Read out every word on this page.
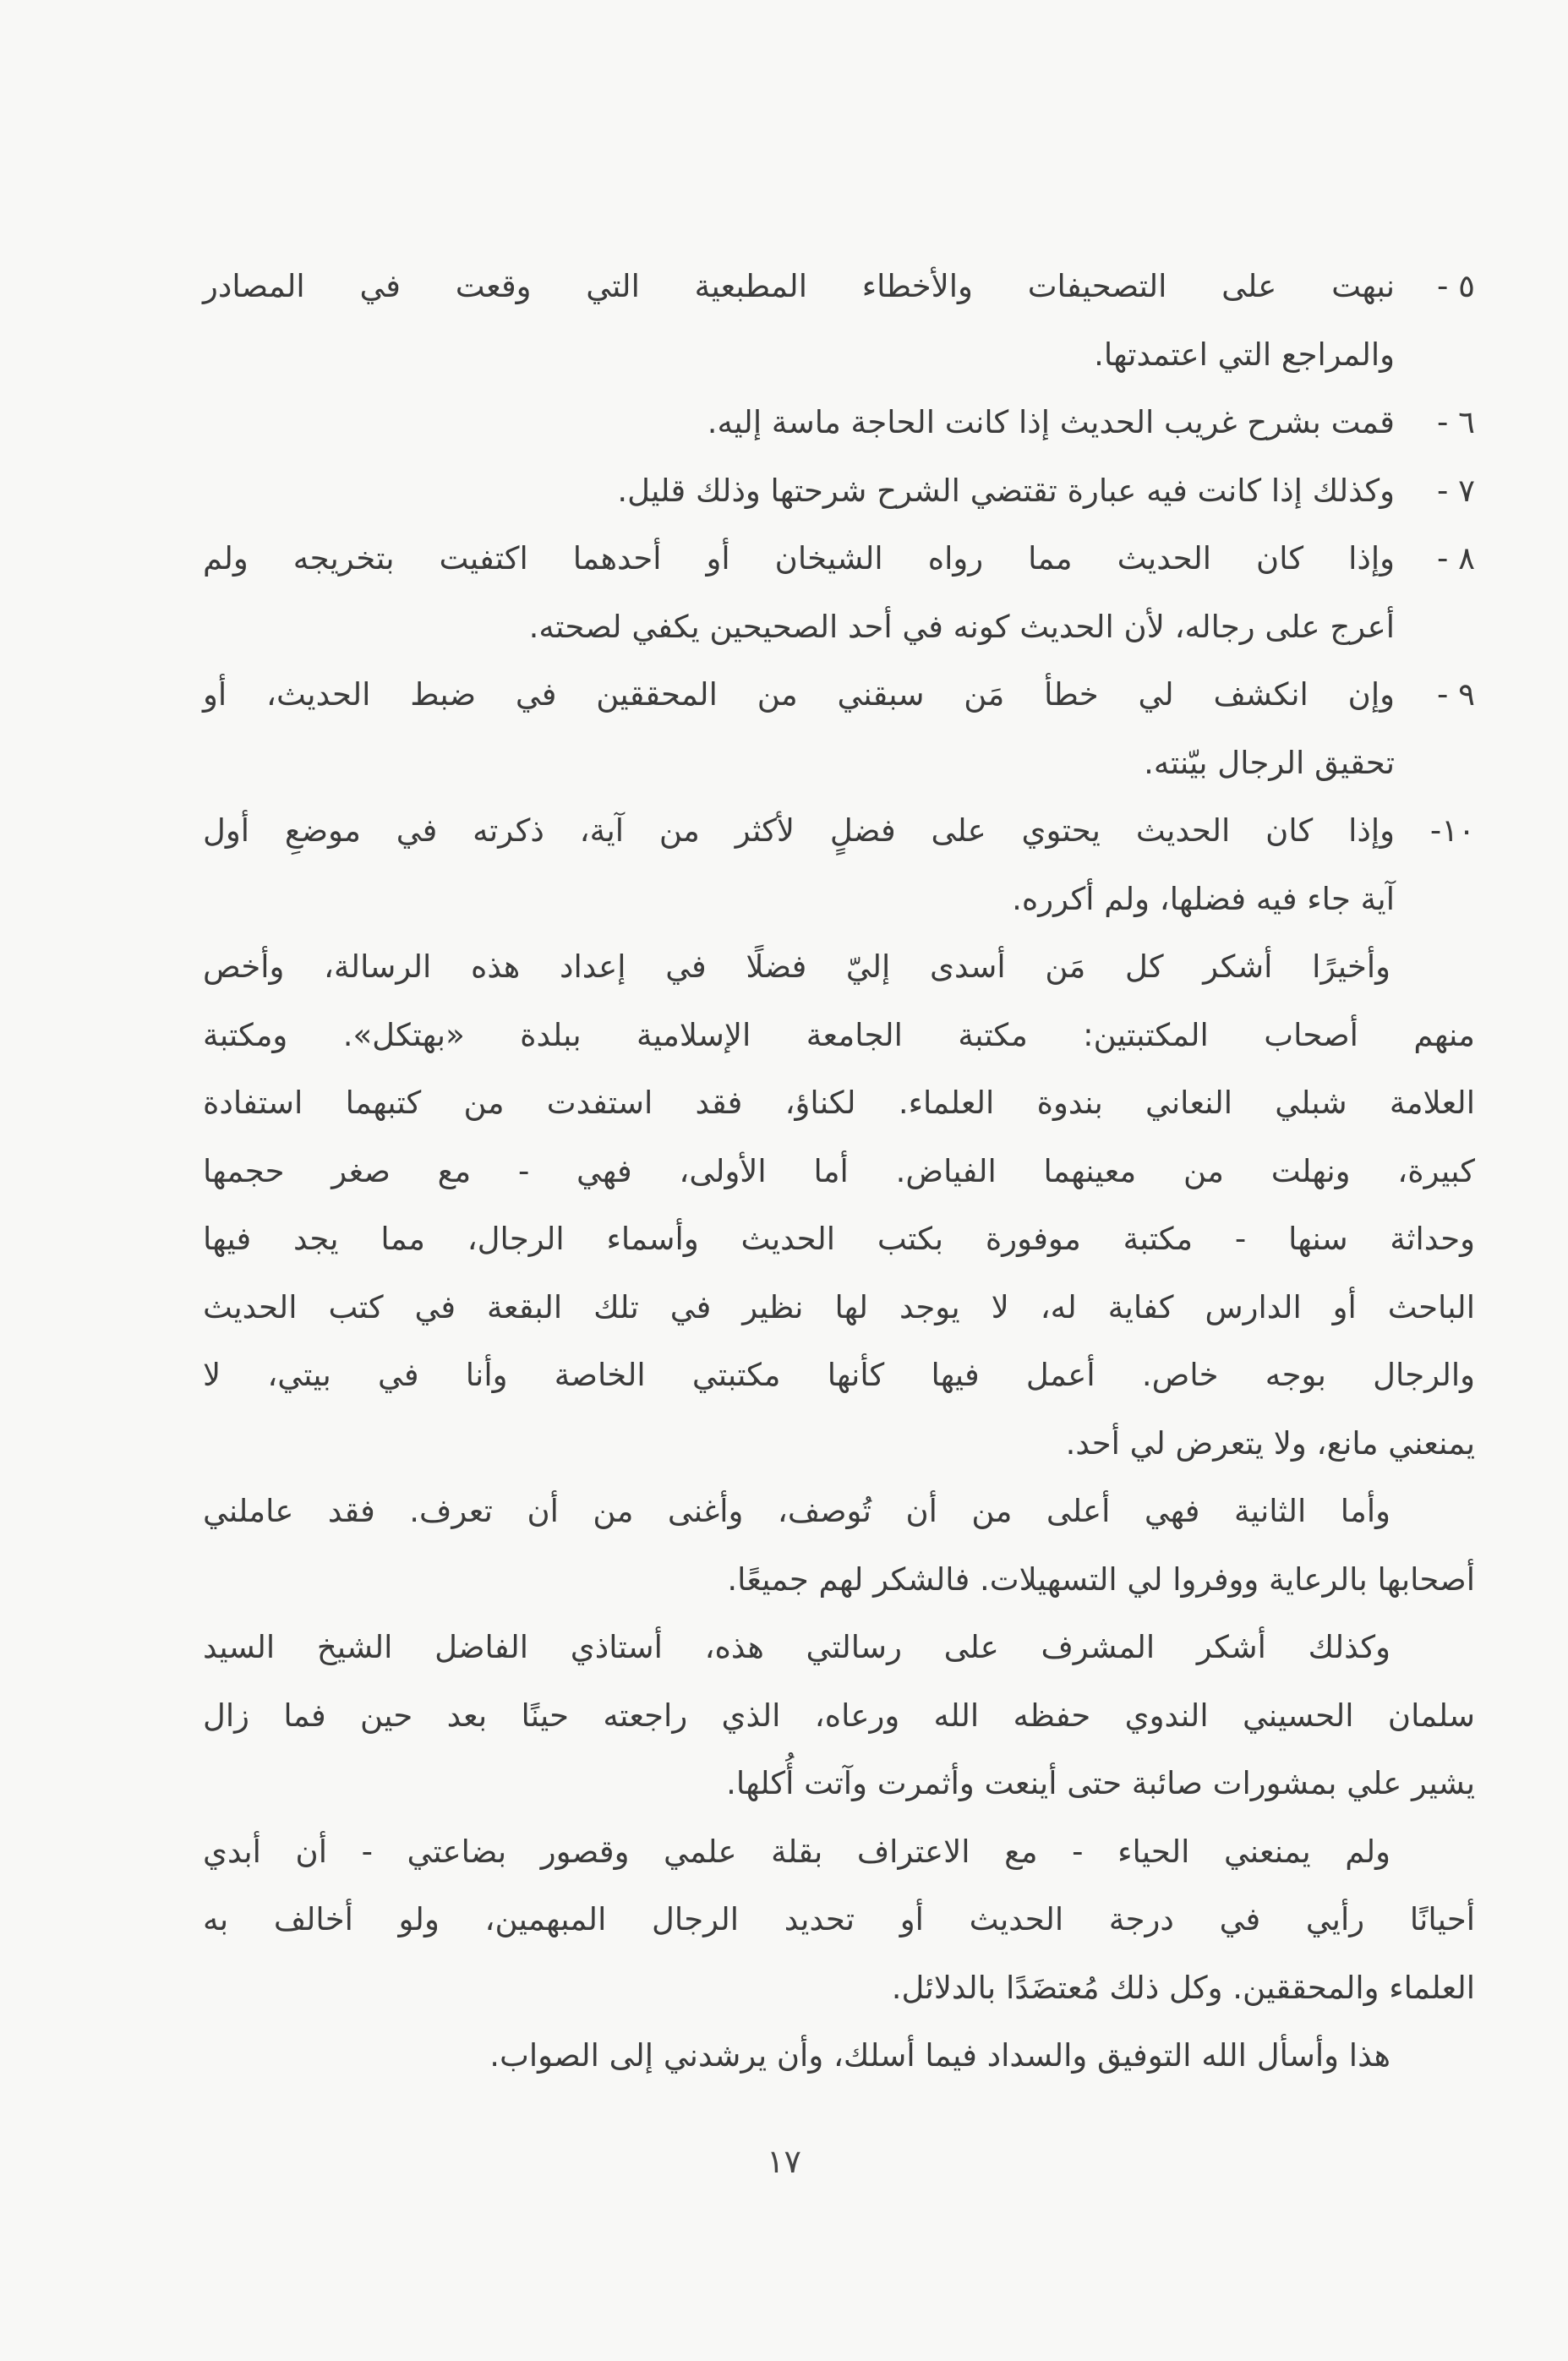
٥ -
نبهت على التصحيفات والأخطاء المطبعية التي وقعت في المصادر
والمراجع التي اعتمدتها.
٦ -
قمت بشرح غريب الحديث إذا كانت الحاجة ماسة إليه.
٧ -
وكذلك إذا كانت فيه عبارة تقتضي الشرح شرحتها وذلك قليل.
٨ -
وإذا كان الحديث مما رواه الشيخان أو أحدهما اكتفيت بتخريجه ولم
أعرج على رجاله، لأن الحديث كونه في أحد الصحيحين يكفي لصحته.
٩ -
وإن انكشف لي خطأ مَن سبقني من المحققين في ضبط الحديث، أو
تحقيق الرجال بيّنته.
١٠-
وإذا كان الحديث يحتوي على فضلٍ لأكثر من آية، ذكرته في موضعِ أول
آية جاء فيه فضلها، ولم أكرره.
وأخيرًا أشكر كل مَن أسدى إليّ فضلًا في إعداد هذه الرسالة، وأخص
منهم أصحاب المكتبتين: مكتبة الجامعة الإسلامية ببلدة «بهتكل». ومكتبة
العلامة شبلي النعاني بندوة العلماء. لكناؤ، فقد استفدت من كتبهما استفادة
كبيرة، ونهلت من معينهما الفياض. أما الأولى، فهي - مع صغر حجمها
وحداثة سنها - مكتبة موفورة بكتب الحديث وأسماء الرجال، مما يجد فيها
الباحث أو الدارس كفاية له، لا يوجد لها نظير في تلك البقعة في كتب الحديث
والرجال بوجه خاص. أعمل فيها كأنها مكتبتي الخاصة وأنا في بيتي، لا
يمنعني مانع، ولا يتعرض لي أحد.
وأما الثانية فهي أعلى من أن تُوصف، وأغنى من أن تعرف. فقد عاملني
أصحابها بالرعاية ووفروا لي التسهيلات. فالشكر لهم جميعًا.
وكذلك أشكر المشرف على رسالتي هذه، أستاذي الفاضل الشيخ السيد
سلمان الحسيني الندوي حفظه الله ورعاه، الذي راجعته حينًا بعد حين فما زال
يشير علي بمشورات صائبة حتى أينعت وأثمرت وآتت أُكلها.
ولم يمنعني الحياء - مع الاعتراف بقلة علمي وقصور بضاعتي - أن أبدي
أحيانًا رأيي في درجة الحديث أو تحديد الرجال المبهمين، ولو أخالف به
العلماء والمحققين. وكل ذلك مُعتضَدًا بالدلائل.
هذا وأسأل الله التوفيق والسداد فيما أسلك، وأن يرشدني إلى الصواب.
١٧
